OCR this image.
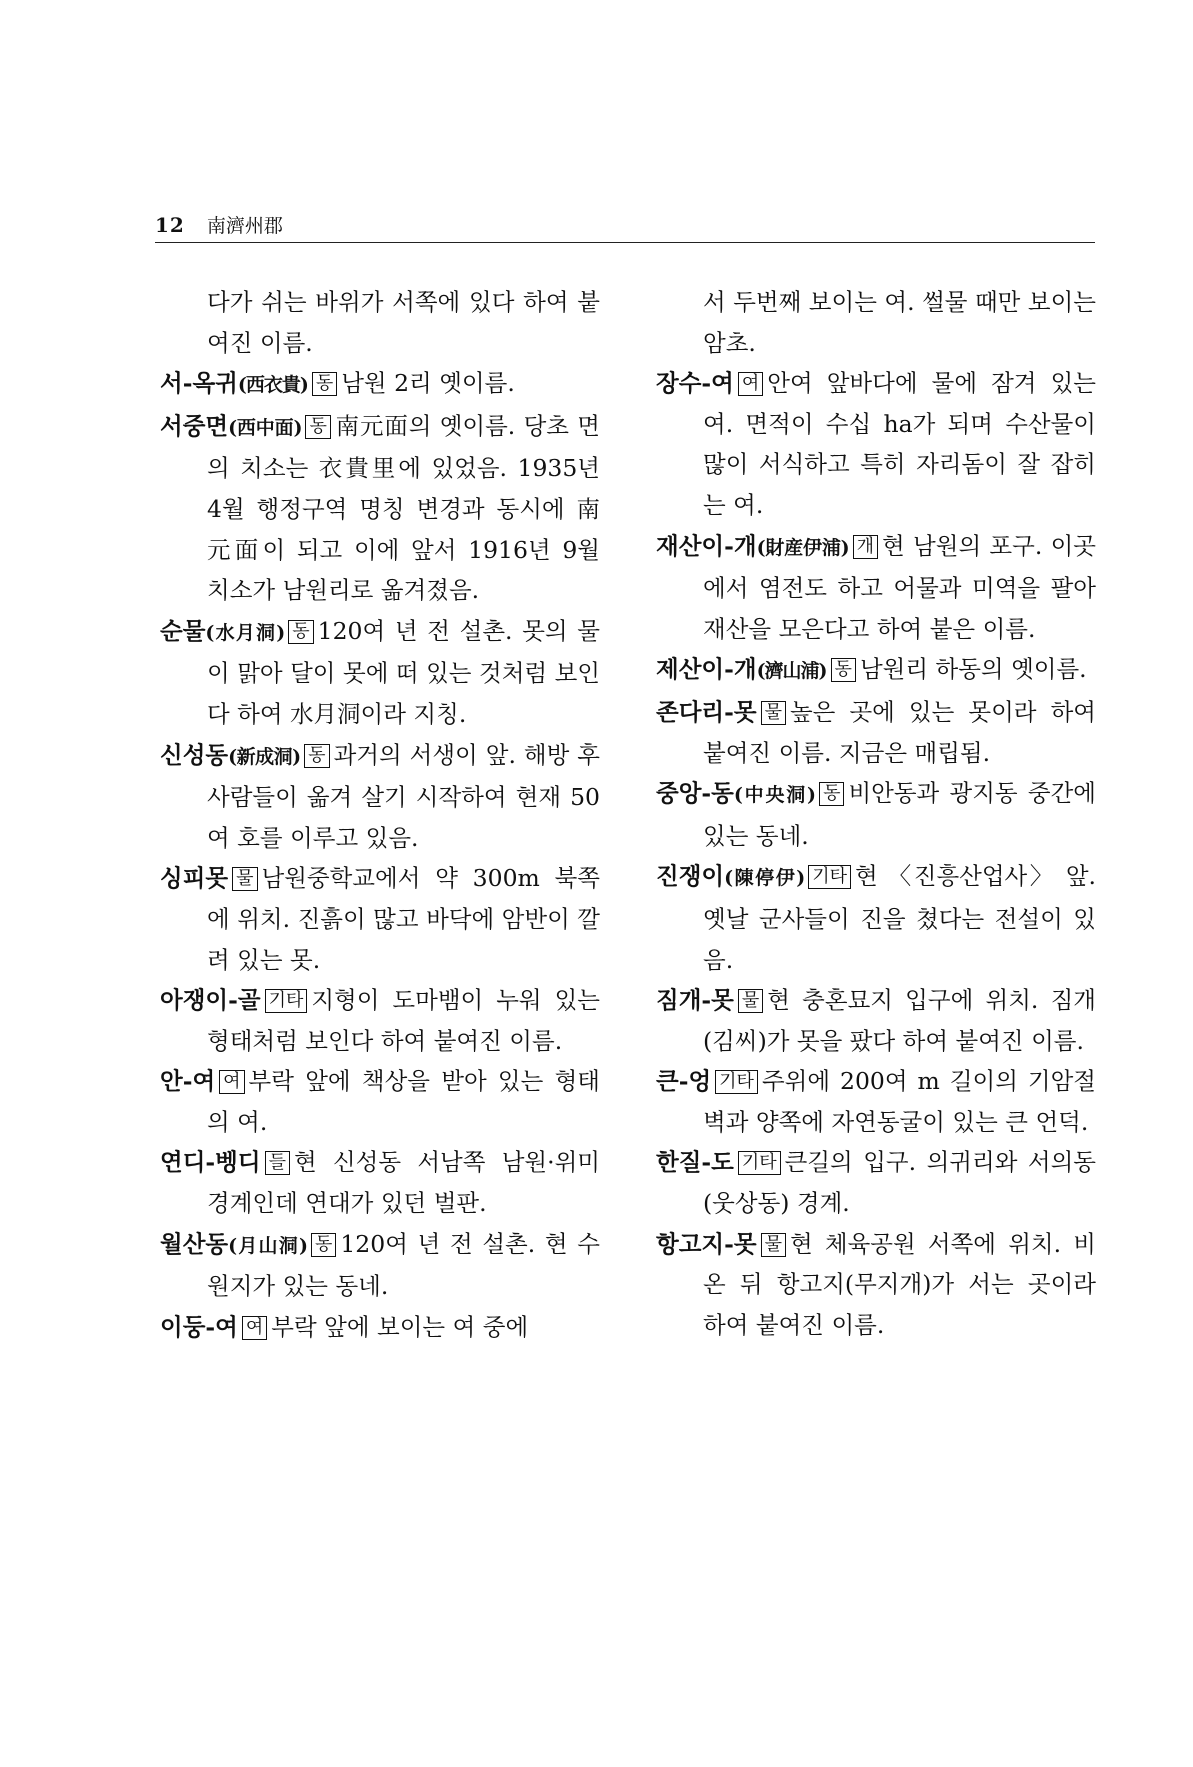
12 南濟州郡

다가 쉬는 바위가 서쪽에 있다 하여 붙여진 이름.

서-옥귀(西衣貴) 동 남원 2리 옛이름.

서중면(西中面) 동 南元面의 옛이름. 당초 면의 치소는 衣貴里에 있었음. 1935년 4월 행정구역 명칭 변경과 동시에 南元面이 되고 이에 앞서 1916년 9월 치소가 남원리로 옮겨졌음.

순물(水月洞) 동 120여 년 전 설촌. 못의 물이 맑아 달이 못에 떠 있는 것처럼 보인다 하여 水月洞이라 지칭.

신성동(新成洞) 동 과거의 서생이 앞. 해방 후 사람들이 옮겨 살기 시작하여 현재 50여 호를 이루고 있음.

싱피못 물 남원중학교에서 약 300m 북쪽에 위치. 진흙이 많고 바닥에 암반이 깔려 있는 못.

아쟁이-골 기타 지형이 도마뱀이 누워 있는 형태처럼 보인다 하여 붙여진 이름.

안-여 여 부락 앞에 책상을 받아 있는 형태의 여.

연디-벵디 들 현 신성동 서남쪽 남원·위미 경계인데 연대가 있던 벌판.

월산동(月山洞) 동 120여 년 전 설촌. 현 수원지가 있는 동네.

이둥-여 여 부락 앞에 보이는 여 중에

서 두번째 보이는 여. 썰물 때만 보이는 암초.

장수-여 여 안여 앞바다에 물에 잠겨 있는 여. 면적이 수십 ha가 되며 수산물이 많이 서식하고 특히 자리돔이 잘 잡히는 여.

재산이-개(財産伊浦) 개 현 남원의 포구. 이곳에서 염전도 하고 어물과 미역을 팔아 재산을 모은다고 하여 붙은 이름.

제산이-개(濟山浦) 동 남원리 하동의 옛이름.

존다리-못 물 높은 곳에 있는 못이라 하여 붙여진 이름. 지금은 매립됨.

중앙-동(中央洞) 동 비안동과 광지동 중간에 있는 동네.

진쟁이(陳停伊) 기타 현 〈진흥산업사〉 앞. 옛날 군사들이 진을 쳤다는 전설이 있음.

짐개-못 물 현 충혼묘지 입구에 위치. 짐개(김씨)가 못을 팠다 하여 붙여진 이름.

큰-엉 기타 주위에 200여 m 길이의 기암절벽과 양쪽에 자연동굴이 있는 큰 언덕.

한질-도 기타 큰길의 입구. 의귀리와 서의동(웃상동) 경계.

항고지-못 물 현 체육공원 서쪽에 위치. 비온 뒤 항고지(무지개)가 서는 곳이라 하여 붙여진 이름.
